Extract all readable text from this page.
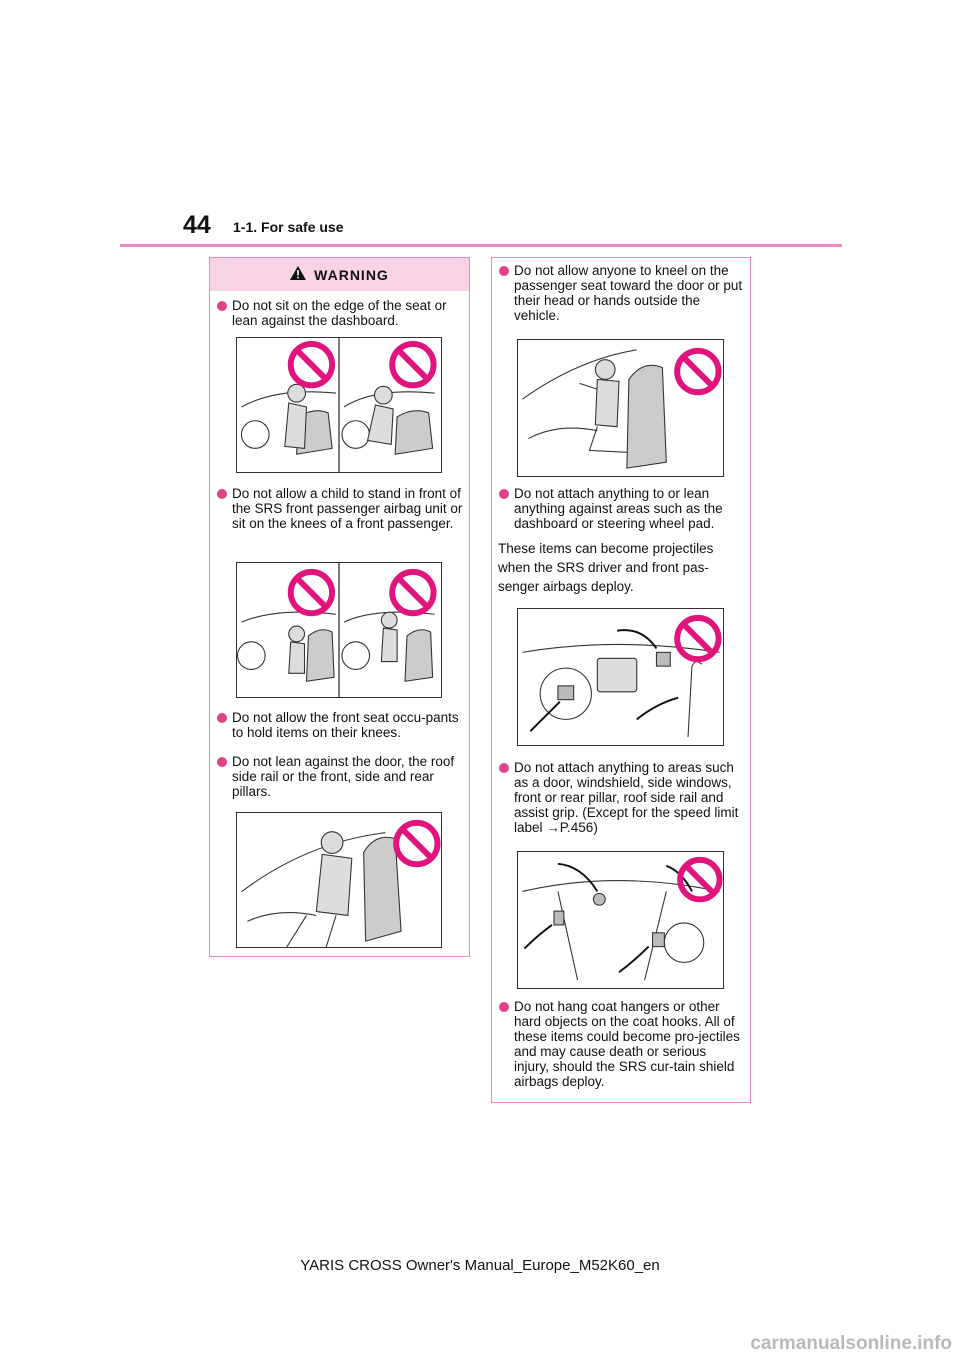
44 1-1. For safe use
WARNING
Do not sit on the edge of the seat or lean against the dashboard.
Do not allow a child to stand in front of the SRS front passenger airbag unit or sit on the knees of a front passenger.
Do not allow the front seat occu-pants to hold items on their knees.
Do not lean against the door, the roof side rail or the front, side and rear pillars.
Do not allow anyone to kneel on the passenger seat toward the door or put their head or hands outside the vehicle.
Do not attach anything to or lean anything against areas such as the dashboard or steering wheel pad.
These items can become projectiles when the SRS driver and front pas-senger airbags deploy.
Do not attach anything to areas such as a door, windshield, side windows, front or rear pillar, roof side rail and assist grip. (Except for the speed limit label →P.456)
Do not hang coat hangers or other hard objects on the coat hooks. All of these items could become pro-jectiles and may cause death or serious injury, should the SRS cur-tain shield airbags deploy.
YARIS CROSS Owner's Manual_Europe_M52K60_en
carmanualsonline.info
